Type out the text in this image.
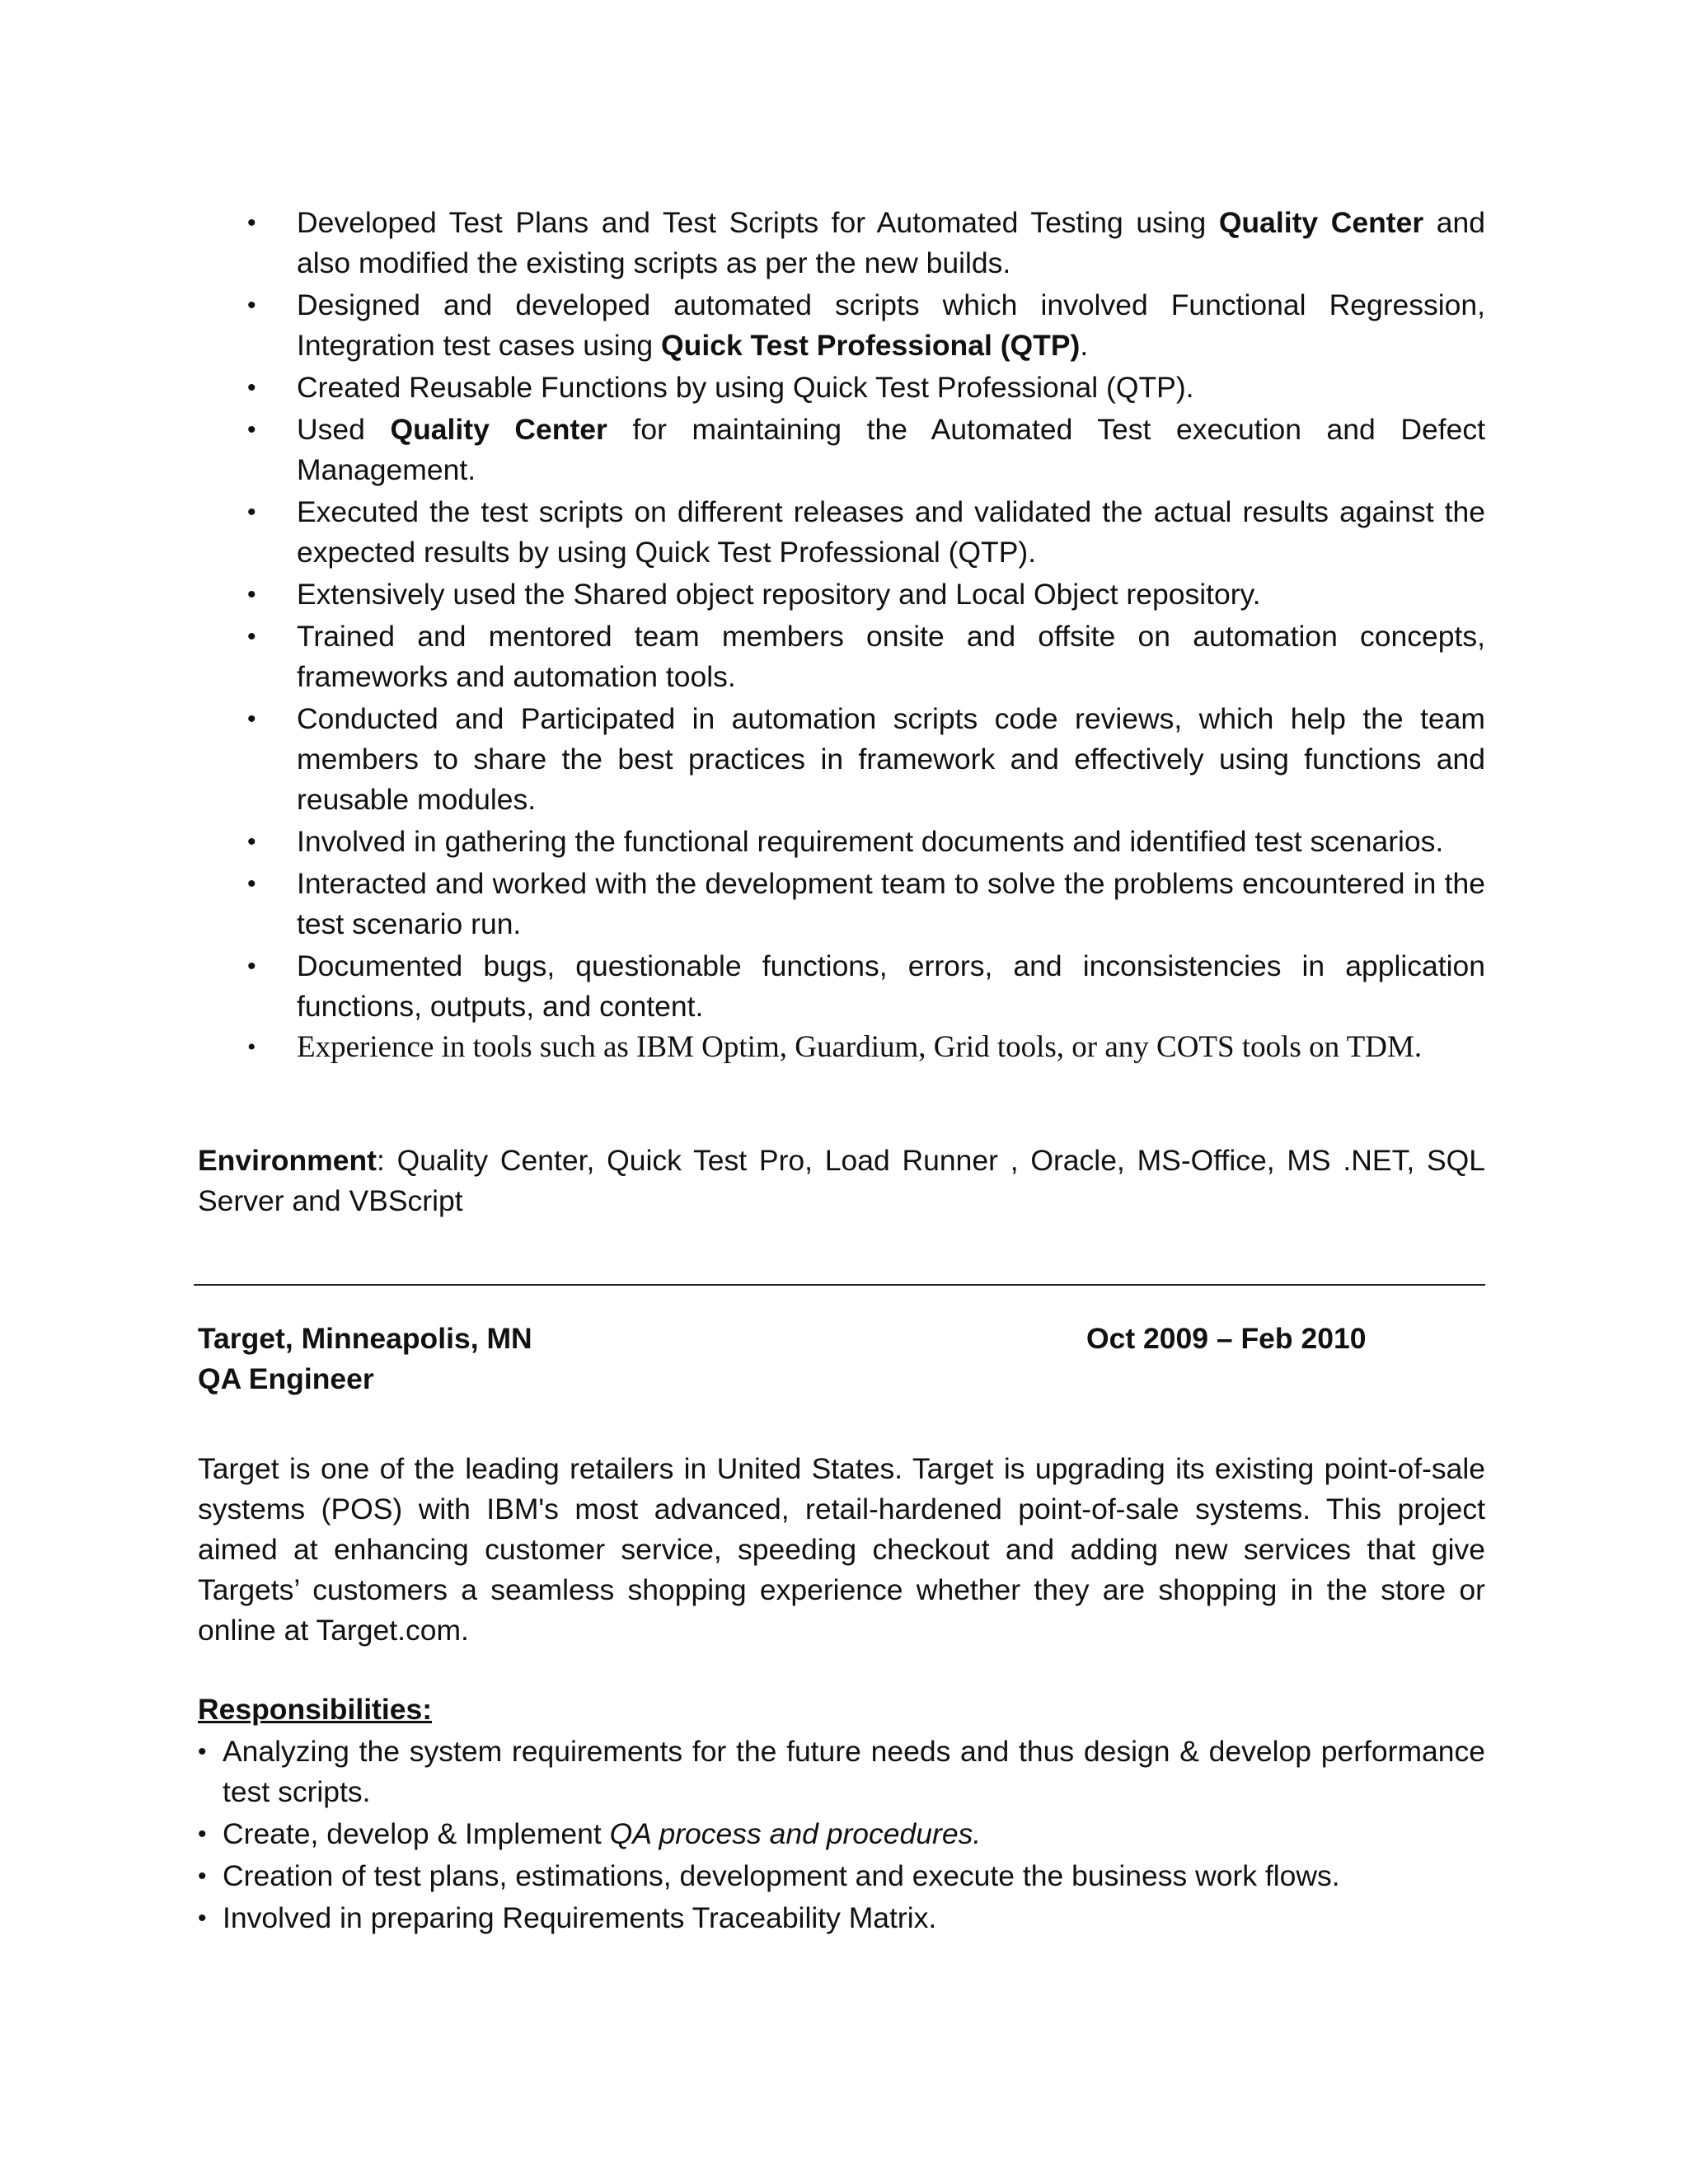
• Developed Test Plans and Test Scripts for Automated Testing using Quality Center and also modified the existing scripts as per the new builds.
• Designed and developed automated scripts which involved Functional Regression, Integration test cases using Quick Test Professional (QTP).
• Created Reusable Functions by using Quick Test Professional (QTP).
• Used Quality Center for maintaining the Automated Test execution and Defect Management.
• Executed the test scripts on different releases and validated the actual results against the expected results by using Quick Test Professional (QTP).
• Extensively used the Shared object repository and Local Object repository.
• Trained and mentored team members onsite and offsite on automation concepts, frameworks and automation tools.
• Conducted and Participated in automation scripts code reviews, which help the team members to share the best practices in framework and effectively using functions and reusable modules.
• Involved in gathering the functional requirement documents and identified test scenarios.
• Interacted and worked with the development team to solve the problems encountered in the test scenario run.
• Documented bugs, questionable functions, errors, and inconsistencies in application functions, outputs, and content.
• Experience in tools such as IBM Optim, Guardium, Grid tools, or any COTS tools on TDM.
Environment: Quality Center, Quick Test Pro, Load Runner , Oracle, MS-Office, MS .NET, SQL Server and VBScript
Target, Minneapolis, MN	Oct 2009 – Feb 2010
QA Engineer
Target is one of the leading retailers in United States. Target is upgrading its existing point-of-sale systems (POS) with IBM's most advanced, retail-hardened point-of-sale systems. This project aimed at enhancing customer service, speeding checkout and adding new services that give Targets’ customers a seamless shopping experience whether they are shopping in the store or online at Target.com.
Responsibilities:
• Analyzing the system requirements for the future needs and thus design & develop performance test scripts.
• Create, develop & Implement QA process and procedures.
• Creation of test plans, estimations, development and execute the business work flows.
• Involved in preparing Requirements Traceability Matrix.
